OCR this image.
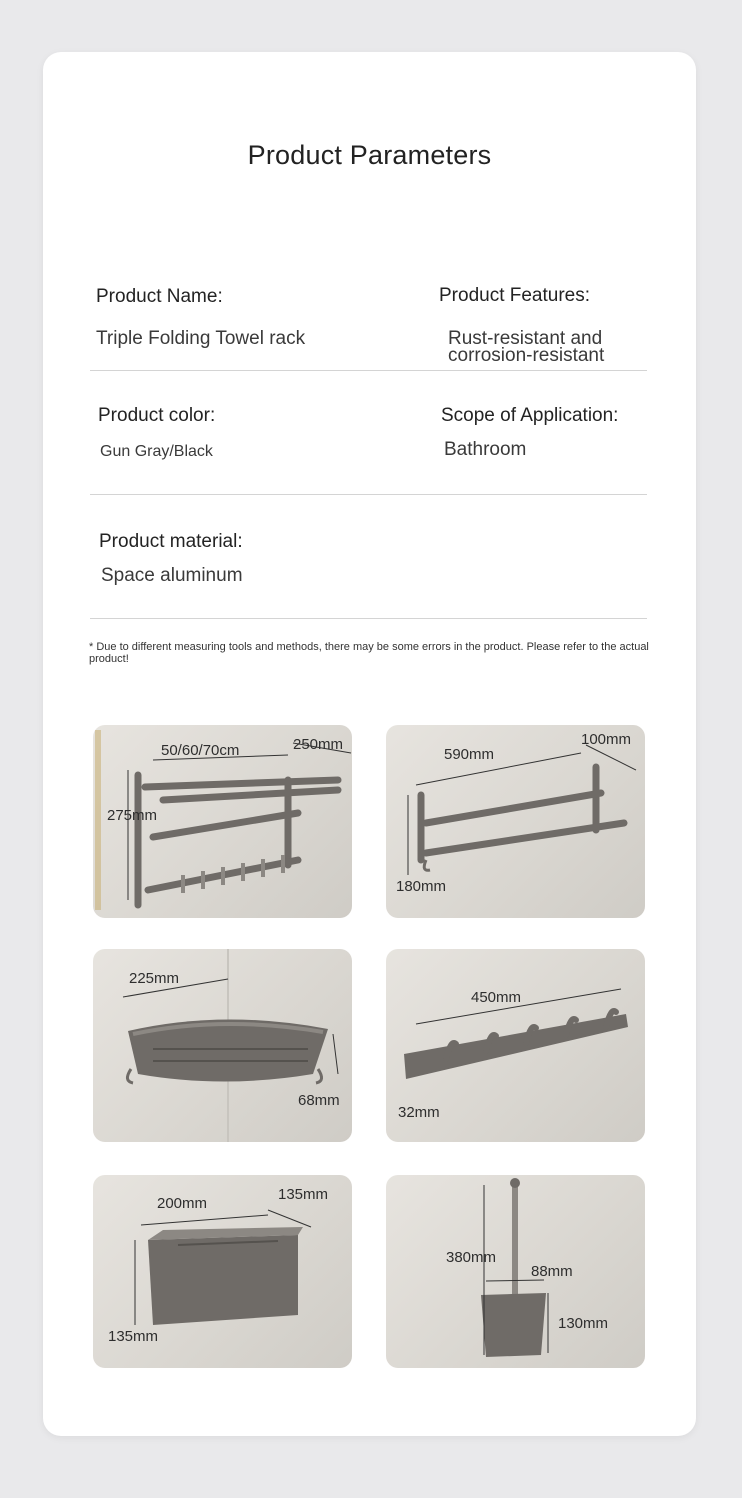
Product Parameters
Product Name:
Triple Folding Towel rack
Product Features:
Rust-resistant and
corrosion-resistant
Product color:
Gun Gray/Black
Scope of Application:
Bathroom
Product material:
Space aluminum
* Due to different measuring tools and methods, there may be some errors in the product. Please refer to the actual product!
50/60/70cm	250mm
275mm
590mm
100mm
180mm
225mm
68mm
450mm
32mm
200mm
135mm
135mm
380mm
88mm
130mm
